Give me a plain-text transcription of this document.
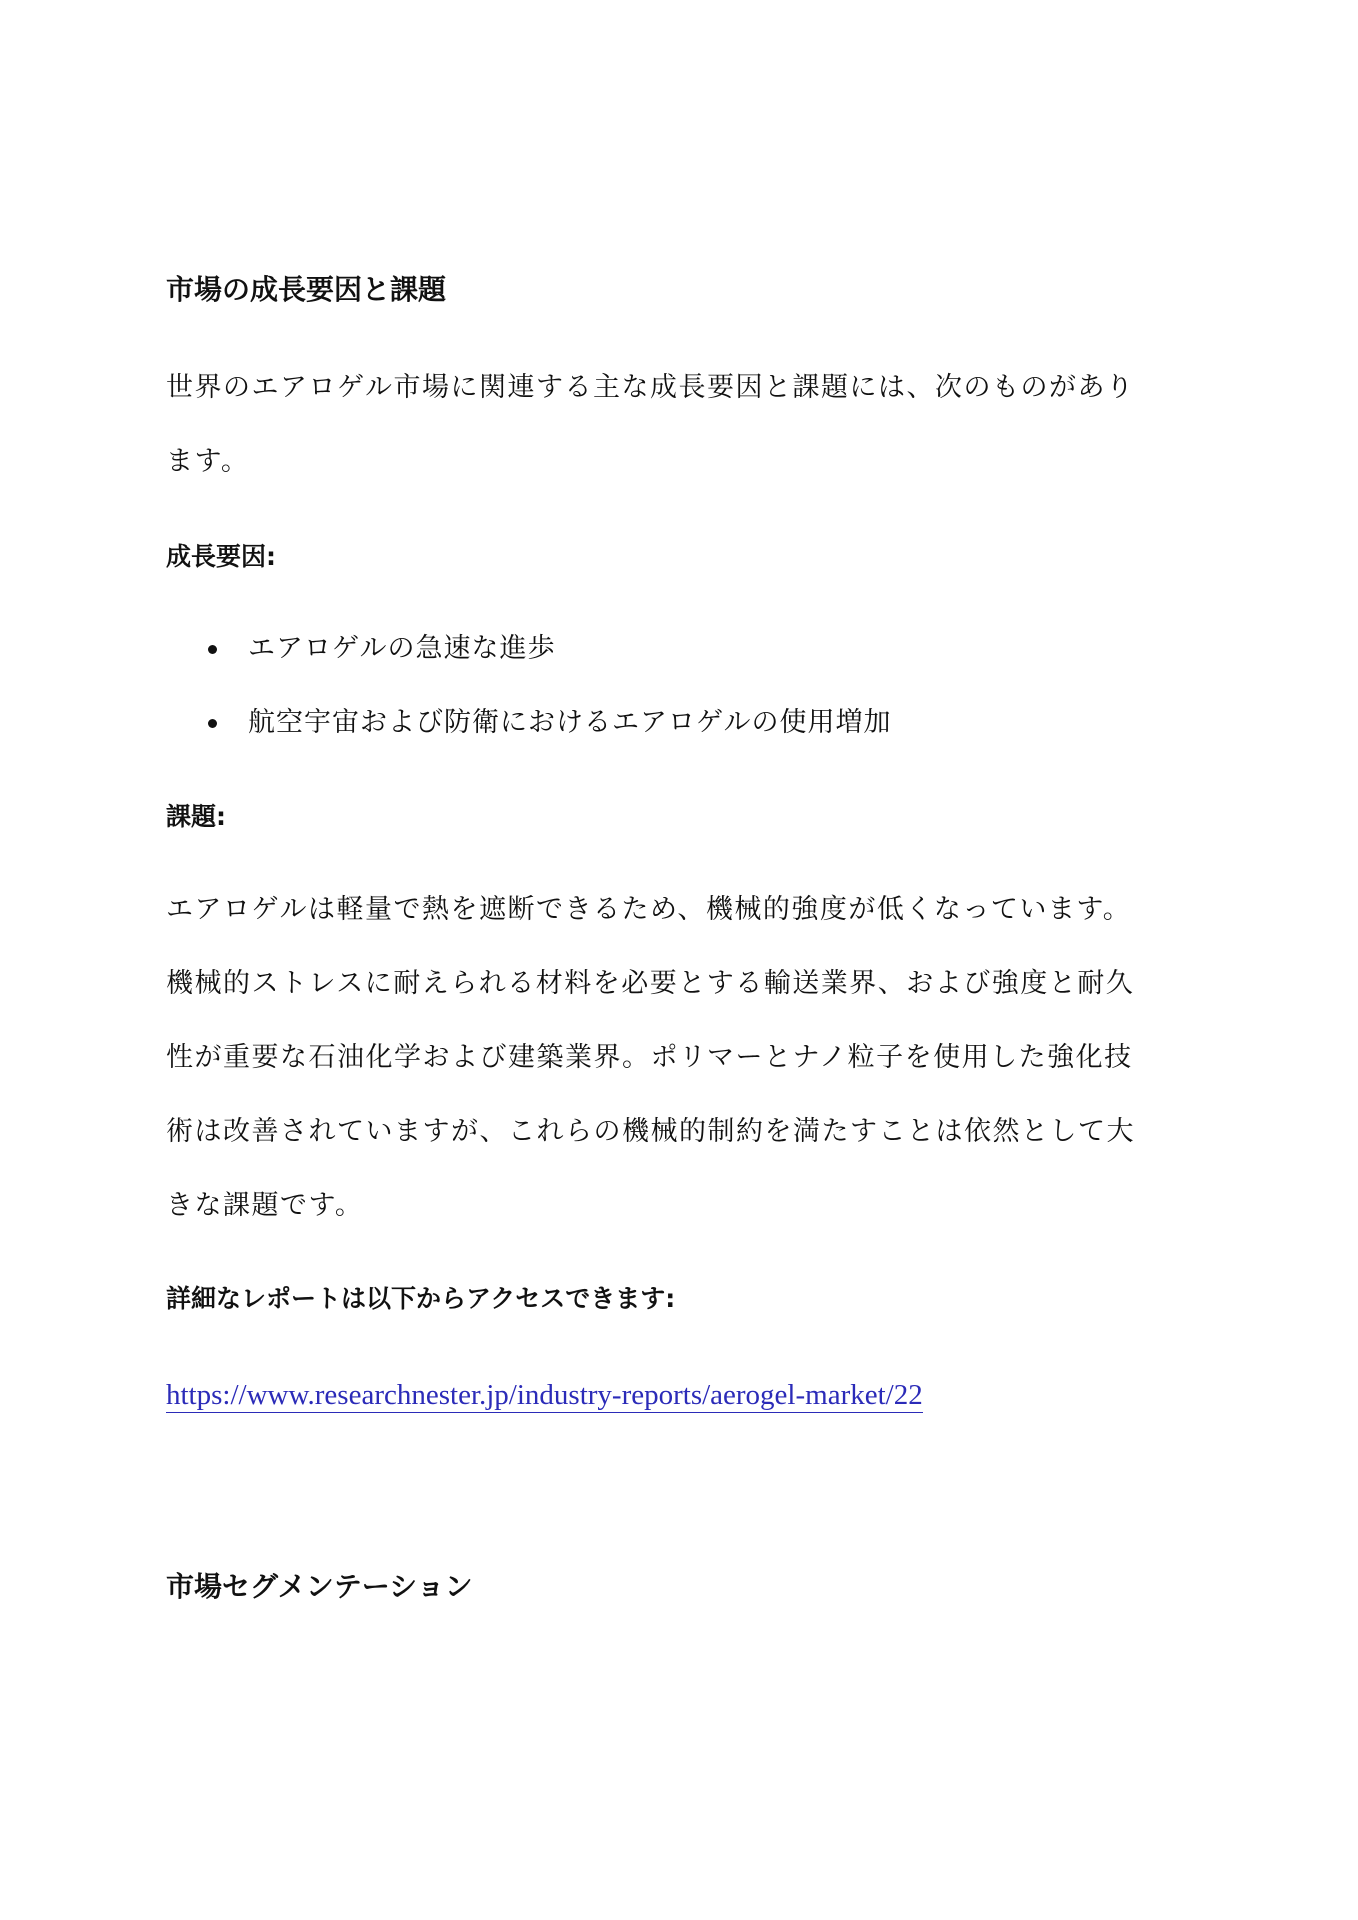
市場の成長要因と課題

世界のエアロゲル市場に関連する主な成長要因と課題には、次のものがあり
ます。

成長要因:
エアロゲルの急速な進歩
航空宇宙および防衛におけるエアロゲルの使用増加
課題:

エアロゲルは軽量で熱を遮断できるため、機械的強度が低くなっています。
機械的ストレスに耐えられる材料を必要とする輸送業界、および強度と耐久
性が重要な石油化学および建築業界。ポリマーとナノ粒子を使用した強化技
術は改善されていますが、これらの機械的制約を満たすことは依然として大
きな課題です。

詳細なレポートは以下からアクセスできます:
https://www.researchnester.jp/industry-reports/aerogel-market/22
市場セグメンテーション
